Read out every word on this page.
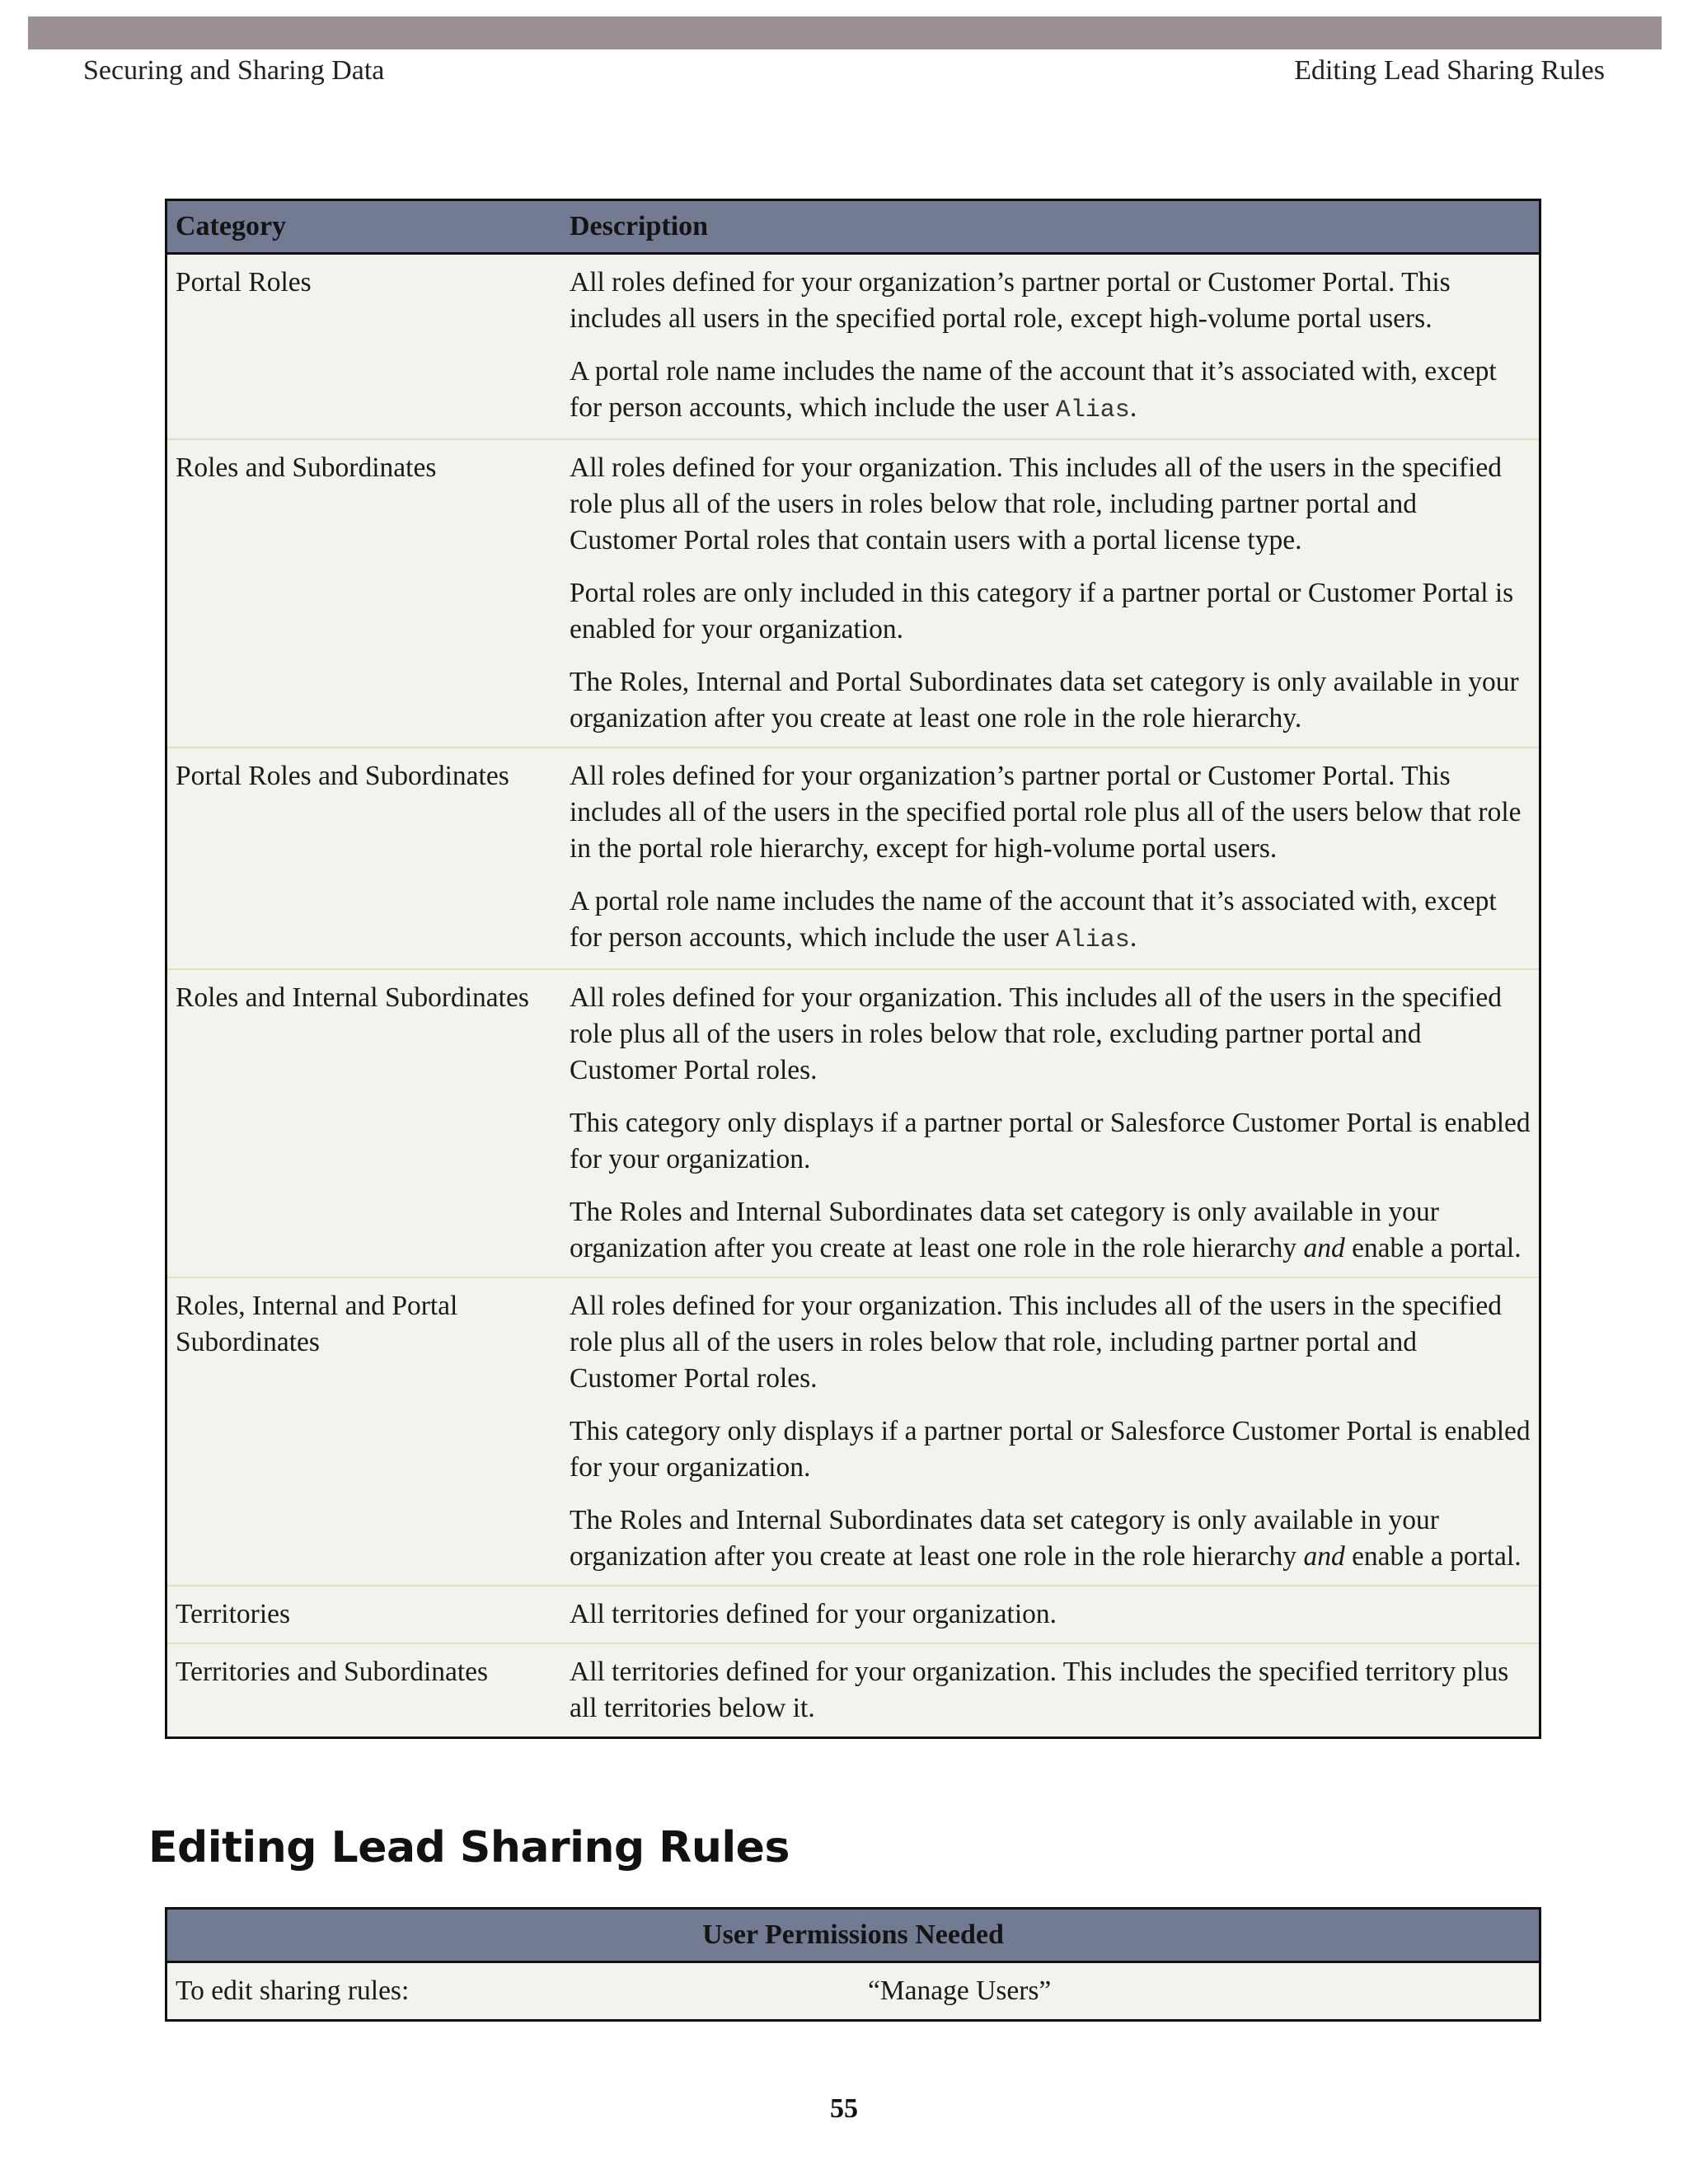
Securing and Sharing Data	Editing Lead Sharing Rules
Category	Description
Portal Roles	All roles defined for your organization’s partner portal or Customer Portal. This includes all users in the specified portal role, except high-volume portal users.

A portal role name includes the name of the account that it’s associated with, except for person accounts, which include the user Alias.

Roles and Subordinates	All roles defined for your organization. This includes all of the users in the specified role plus all of the users in roles below that role, including partner portal and Customer Portal roles that contain users with a portal license type.

Portal roles are only included in this category if a partner portal or Customer Portal is enabled for your organization.

The Roles, Internal and Portal Subordinates data set category is only available in your organization after you create at least one role in the role hierarchy.

Portal Roles and Subordinates	All roles defined for your organization’s partner portal or Customer Portal. This includes all of the users in the specified portal role plus all of the users below that role in the portal role hierarchy, except for high-volume portal users.

A portal role name includes the name of the account that it’s associated with, except for person accounts, which include the user Alias.

Roles and Internal Subordinates	All roles defined for your organization. This includes all of the users in the specified role plus all of the users in roles below that role, excluding partner portal and Customer Portal roles.

This category only displays if a partner portal or Salesforce Customer Portal is enabled for your organization.

The Roles and Internal Subordinates data set category is only available in your organization after you create at least one role in the role hierarchy and enable a portal.

Roles, Internal and Portal Subordinates	All roles defined for your organization. This includes all of the users in the specified role plus all of the users in roles below that role, including partner portal and Customer Portal roles.

This category only displays if a partner portal or Salesforce Customer Portal is enabled for your organization.

The Roles and Internal Subordinates data set category is only available in your organization after you create at least one role in the role hierarchy and enable a portal.

Territories	All territories defined for your organization.

Territories and Subordinates	All territories defined for your organization. This includes the specified territory plus all territories below it.

Editing Lead Sharing Rules
User Permissions Needed
To edit sharing rules:	“Manage Users”
55
